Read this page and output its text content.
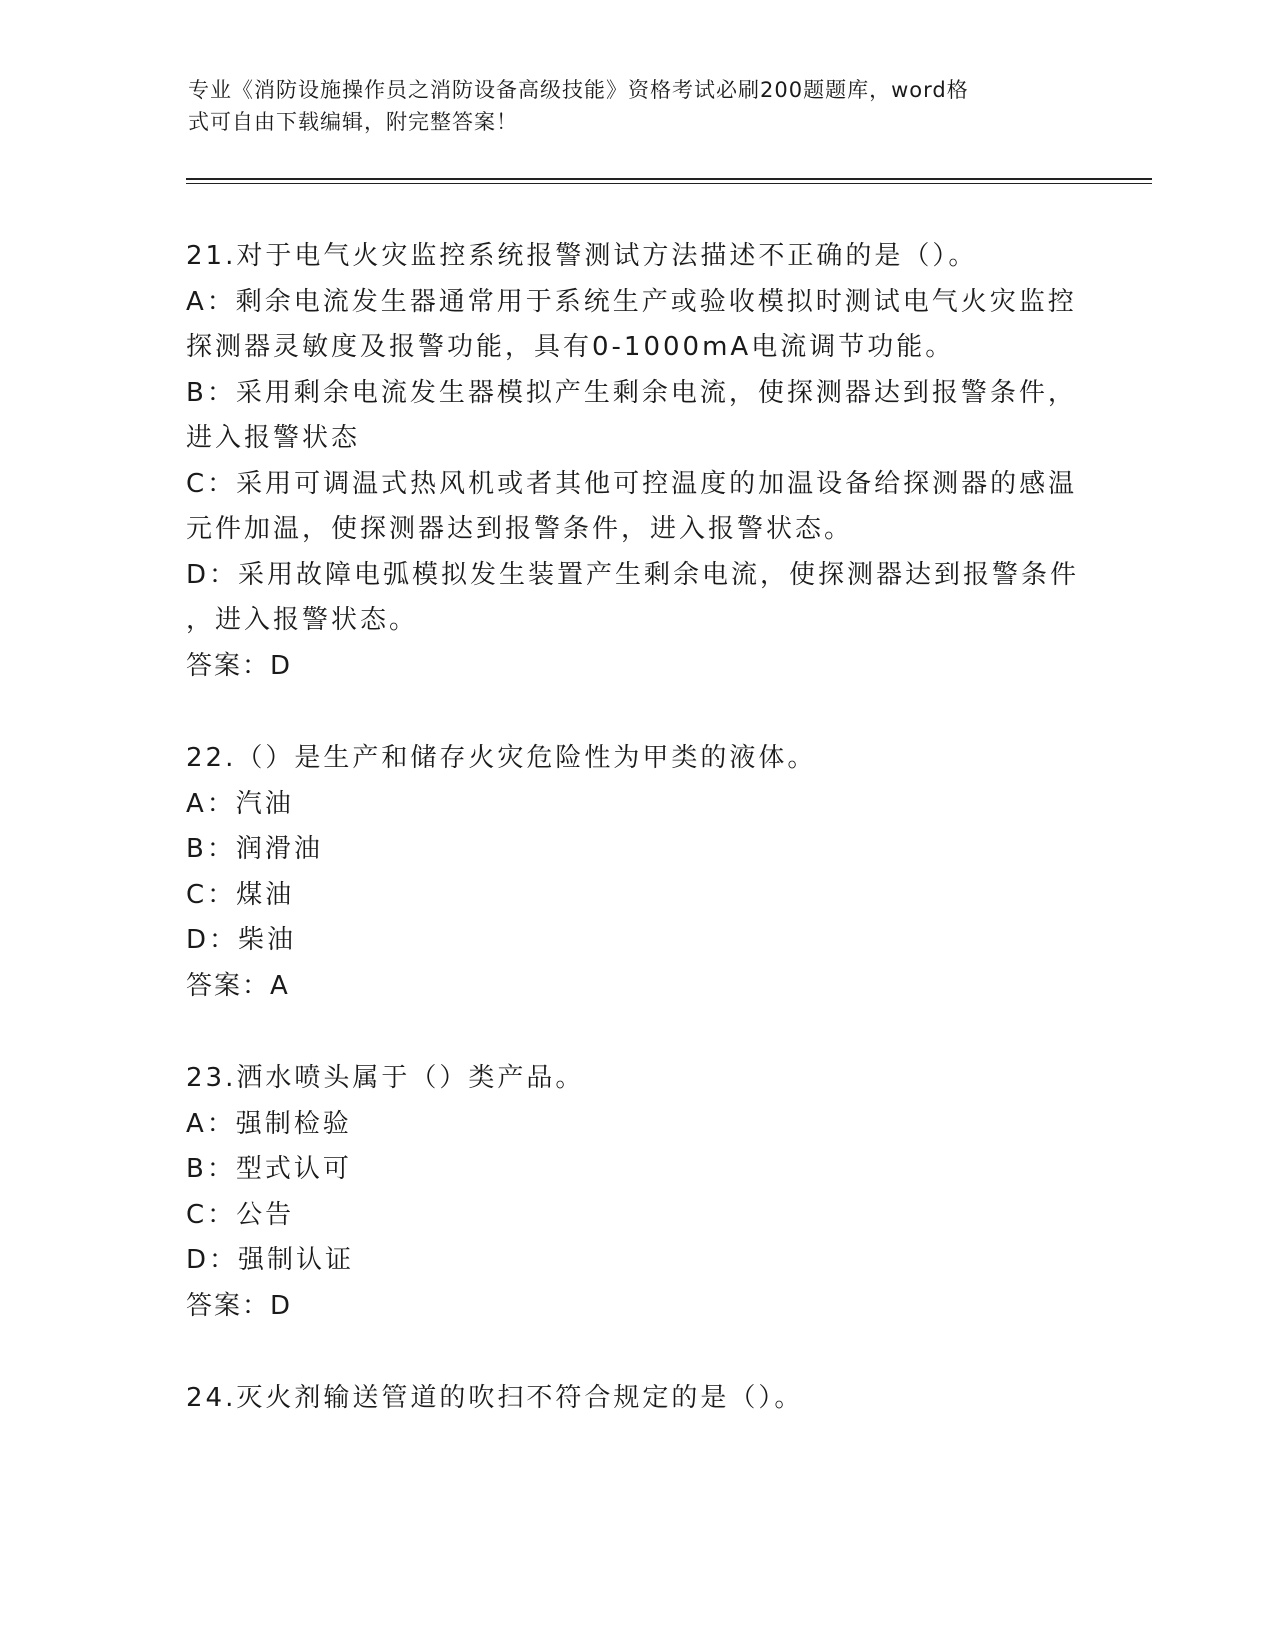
专业《消防设施操作员之消防设备高级技能》资格考试必刷200题题库，word格
式可自由下载编辑，附完整答案！
21.对于电气火灾监控系统报警测试方法描述不正确的是（）。
A：剩余电流发生器通常用于系统生产或验收模拟时测试电气火灾监控
探测器灵敏度及报警功能，具有0-1000mA电流调节功能。
B：采用剩余电流发生器模拟产生剩余电流，使探测器达到报警条件，
进入报警状态
C：采用可调温式热风机或者其他可控温度的加温设备给探测器的感温
元件加温，使探测器达到报警条件，进入报警状态。
D：采用故障电弧模拟发生装置产生剩余电流，使探测器达到报警条件
，进入报警状态。
答案：D
22.（）是生产和储存火灾危险性为甲类的液体。
A：汽油
B：润滑油
C：煤油
D：柴油
答案：A
23.洒水喷头属于（）类产品。
A：强制检验
B：型式认可
C：公告
D：强制认证
答案：D
24.灭火剂输送管道的吹扫不符合规定的是（）。
